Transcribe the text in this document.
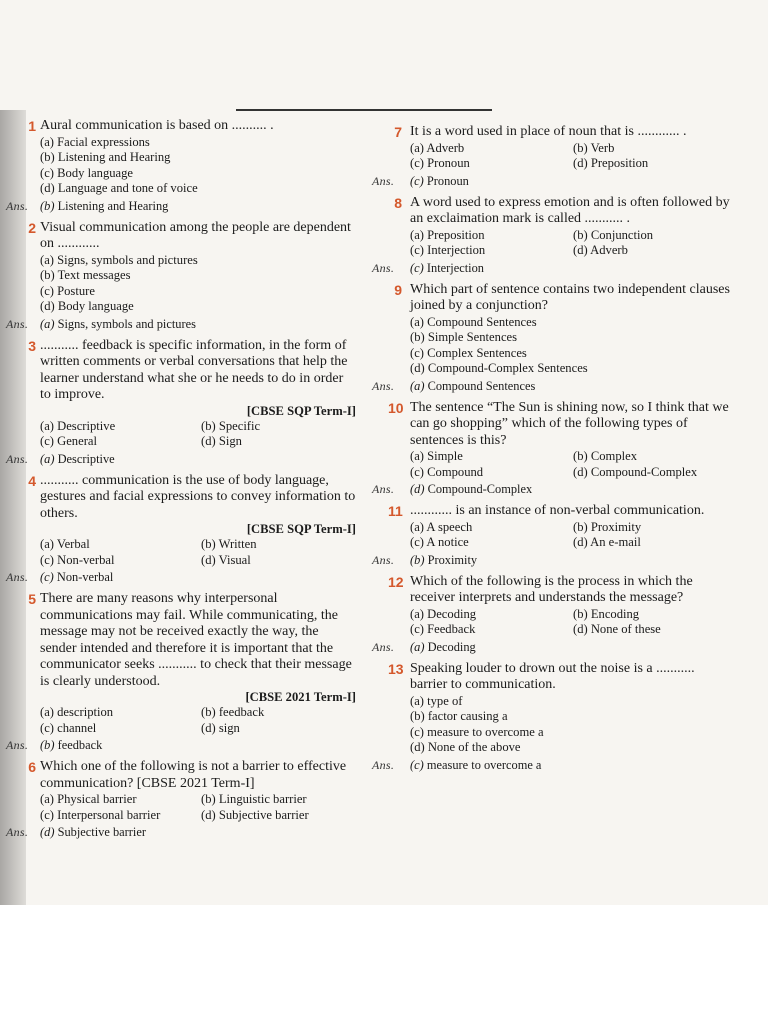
1 Aural communication is based on .......... .
(a) Facial expressions
(b) Listening and Hearing
(c) Body language
(d) Language and tone of voice
Ans. (b) Listening and Hearing
2 Visual communication among the people are dependent on ............
(a) Signs, symbols and pictures
(b) Text messages
(c) Posture
(d) Body language
Ans. (a) Signs, symbols and pictures
3 ........... feedback is specific information, in the form of written comments or verbal conversations that help the learner understand what she or he needs to do in order to improve.
[CBSE SQP Term-I]
(a) Descriptive	(b) Specific
(c) General	(d) Sign
Ans. (a) Descriptive
4 ........... communication is the use of body language, gestures and facial expressions to convey information to others.
[CBSE SQP Term-I]
(a) Verbal	(b) Written
(c) Non-verbal	(d) Visual
Ans. (c) Non-verbal
5 There are many reasons why interpersonal communications may fail. While communicating, the message may not be received exactly the way, the sender intended and therefore it is important that the communicator seeks ........... to check that their message is clearly understood.
[CBSE 2021 Term-I]
(a) description	(b) feedback
(c) channel	(d) sign
Ans. (b) feedback
6 Which one of the following is not a barrier to effective communication? [CBSE 2021 Term-I]
(a) Physical barrier	(b) Linguistic barrier
(c) Interpersonal barrier	(d) Subjective barrier
Ans. (d) Subjective barrier
7 It is a word used in place of noun that is ............ .
(a) Adverb	(b) Verb
(c) Pronoun	(d) Preposition
Ans. (c) Pronoun
8 A word used to express emotion and is often followed by an exclaimation mark is called ........... .
(a) Preposition	(b) Conjunction
(c) Interjection	(d) Adverb
Ans. (c) Interjection
9 Which part of sentence contains two independent clauses joined by a conjunction?
(a) Compound Sentences
(b) Simple Sentences
(c) Complex Sentences
(d) Compound-Complex Sentences
Ans. (a) Compound Sentences
10 The sentence “The Sun is shining now, so I think that we can go shopping” which of the following types of sentences is this?
(a) Simple	(b) Complex
(c) Compound	(d) Compound-Complex
Ans. (d) Compound-Complex
11 ............ is an instance of non-verbal communication.
(a) A speech	(b) Proximity
(c) A notice	(d) An e-mail
Ans. (b) Proximity
12 Which of the following is the process in which the receiver interprets and understands the message?
(a) Decoding	(b) Encoding
(c) Feedback	(d) None of these
Ans. (a) Decoding
13 Speaking louder to drown out the noise is a ........... barrier to communication.
(a) type of
(b) factor causing a
(c) measure to overcome a
(d) None of the above
Ans. (c) measure to overcome a
